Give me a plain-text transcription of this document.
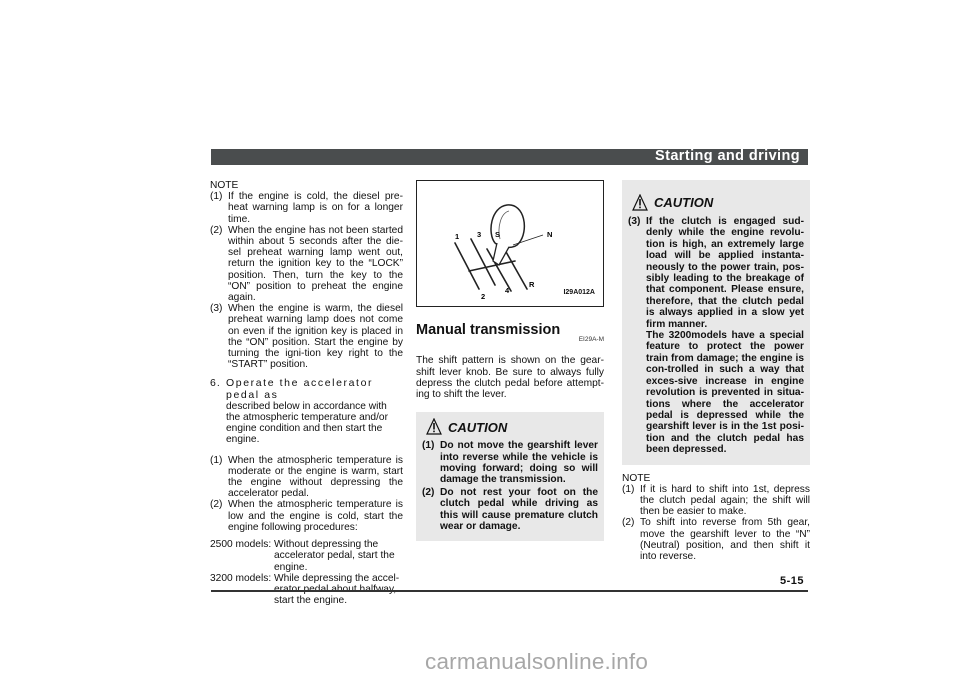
Starting and driving
NOTE
(1) If the engine is cold, the diesel pre-heat warning lamp is on for a longer time.
(2) When the engine has not been started within about 5 seconds after the die-sel preheat warning lamp went out, return the ignition key to the “LOCK” position. Then, turn the key to the “ON” position to preheat the engine again.
(3) When the engine is warm, the diesel preheat warning lamp does not come on even if the ignition key is placed in the “ON” position. Start the engine by turning the igni-tion key right to the “START” position.
6. Operate the accelerator pedal as
described below in accordance with the atmospheric temperature and/or engine condition and then start the engine.
(1) When the atmospheric temperature is moderate or the engine is warm, start the engine without depressing the accelerator pedal.
(2) When the atmospheric temperature is low and the engine is cold, start the engine following procedures:
2500 models: Without depressing the accelerator pedal, start the engine.
3200 models: While depressing the accel- start the engine.
1 3 S	N
R
2
4	I29A012A
Manual transmission
EI29A-M
The shift pattern is shown on the gear-shift lever knob. Be sure to always fully depress the clutch pedal before attempt-ing to shift the lever.
CAUTION
(1) Do not move the gearshift lever into reverse while the vehicle is moving forward; doing so will damage the transmission.
(2) Do not rest your foot on the clutch pedal while driving as this will cause premature clutch wear or damage.
CAUTION
(3) If the clutch is engaged sud-denly while the engine revolu-tion is high, an extremely large load will be applied instanta-neously to the power train, pos-sibly leading to the breakage of that component. Please ensure, therefore, that the clutch pedal is always applied in a slow yet firm manner.
The 3200models have a special feature to protect the power train from damage; the engine is con-trolled in such a way that exces-sive increase in engine revolution is prevented in situa-tions where the accelerator pedal is depressed while the gearshift lever is in the 1st posi-tion and the clutch pedal has been depressed.
NOTE
(1) If it is hard to shift into 1st, depress the clutch pedal again; the shift will then be easier to make.
(2) To shift into reverse from 5th gear, move the gearshift lever to the “N” (Neutral) position, and then shift it into reverse.
5-15
carmanualsonline.info
